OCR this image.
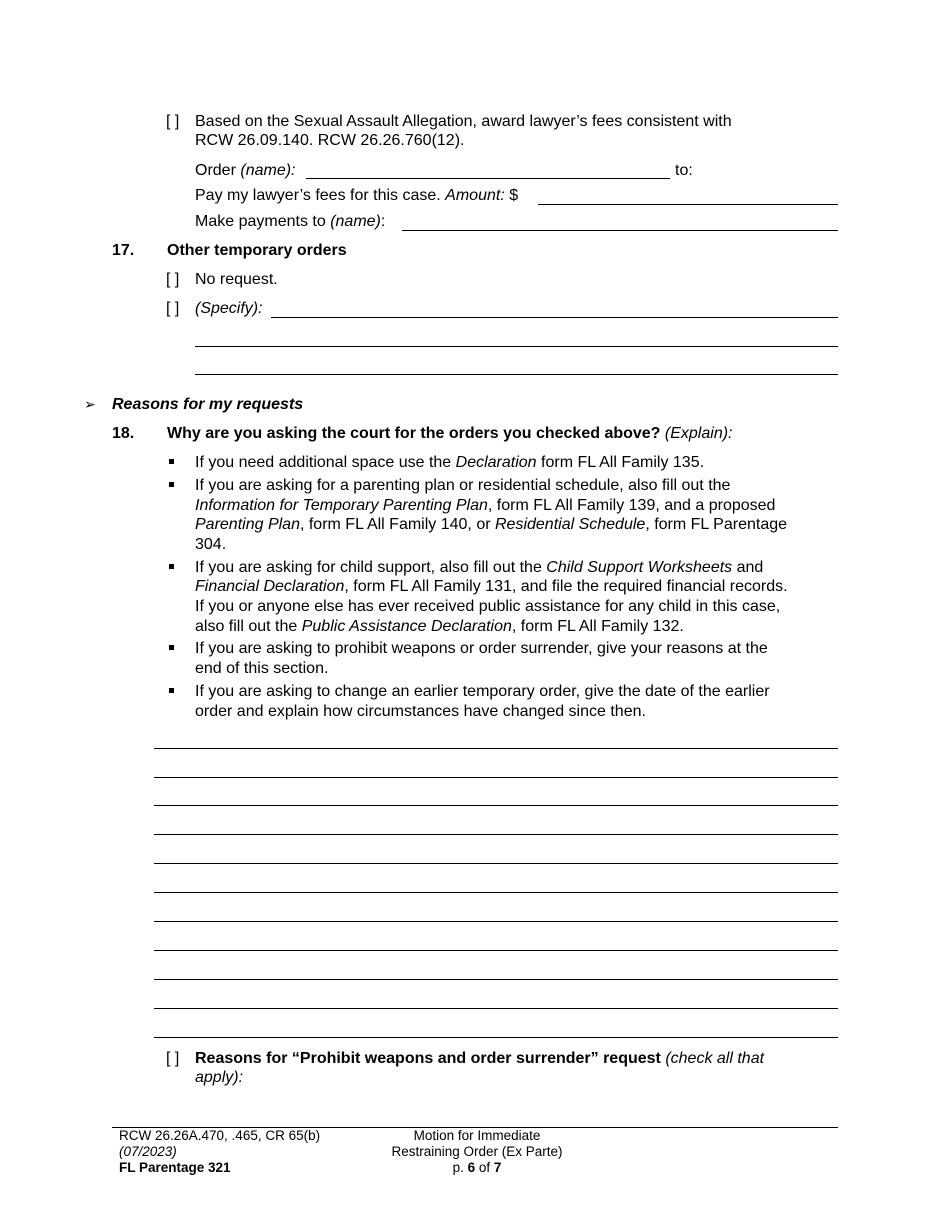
[ ] Based on the Sexual Assault Allegation, award lawyer’s fees consistent with
RCW 26.09.140. RCW 26.26.760(12).
Order (name):	to:
Pay my lawyer’s fees for this case. Amount: $
Make payments to (name):
17. Other temporary orders
[ ] No request.
[ ] (Specify):
➢ Reasons for my requests
18. Why are you asking the court for the orders you checked above? (Explain):
If you need additional space use the Declaration form FL All Family 135.
If you are asking for a parenting plan or residential schedule, also fill out the
Information for Temporary Parenting Plan, form FL All Family 139, and a proposed
Parenting Plan, form FL All Family 140, or Residential Schedule, form FL Parentage
304.
If you are asking for child support, also fill out the Child Support Worksheets and
Financial Declaration, form FL All Family 131, and file the required financial records.
If you or anyone else has ever received public assistance for any child in this case,
also fill out the Public Assistance Declaration, form FL All Family 132.
If you are asking to prohibit weapons or order surrender, give your reasons at the
end of this section.
If you are asking to change an earlier temporary order, give the date of the earlier
order and explain how circumstances have changed since then.
[ ] Reasons for “Prohibit weapons and order surrender” request (check all that
apply):
RCW 26.26A.470, .465, CR 65(b)
(07/2023)
FL Parentage 321
Motion for Immediate
Restraining Order (Ex Parte)
p. 6 of 7
